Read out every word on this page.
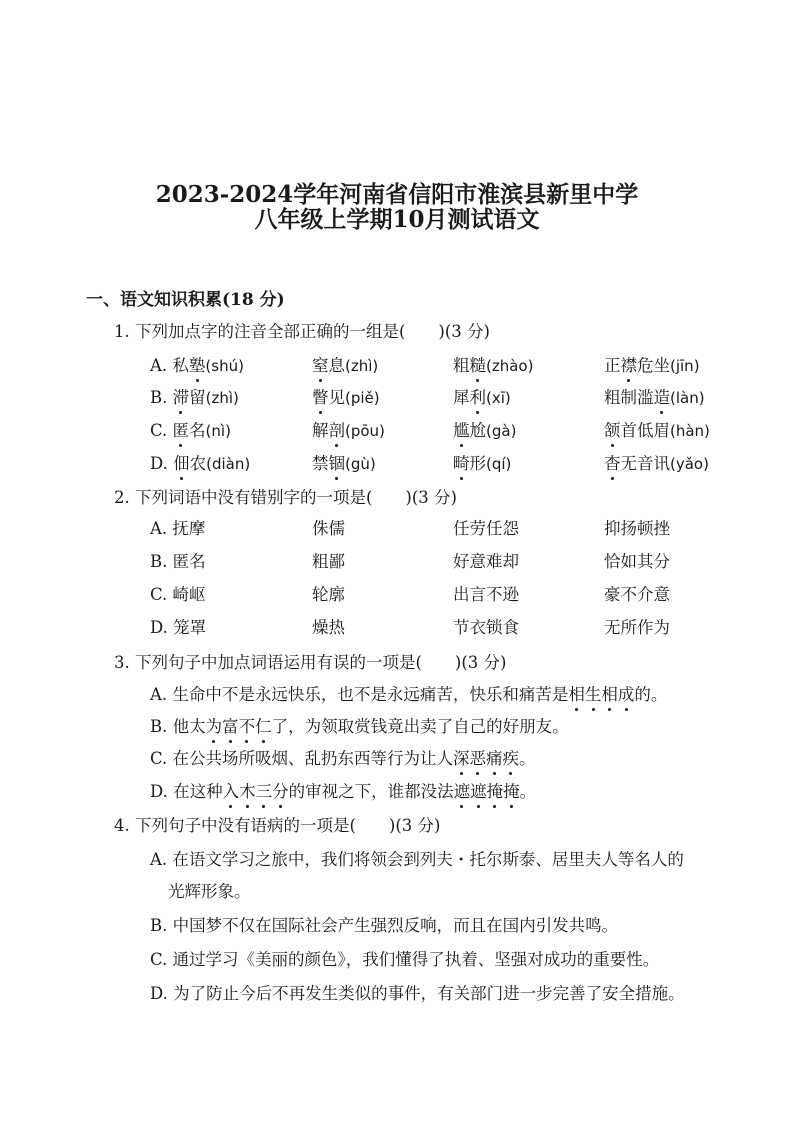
2023-2024学年河南省信阳市淮滨县新里中学
八年级上学期10月测试语文
一、语文知识积累(18 分)
1. 下列加点字的注音全部正确的一组是(　　)(3 分)
A. 私塾(shú)	窒息(zhì)	粗糙(zhào)	正襟危坐(jīn)
B. 滞留(zhì)	瞥见(piě)	犀利(xī)	粗制滥造(làn)
C. 匿名(nì)	解剖(pōu)	尴尬(gà)	颔首低眉(hàn)
D. 佃农(diàn)	禁锢(gù)	畸形(qí)	杳无音讯(yǎo)
2. 下列词语中没有错别字的一项是(　　)(3 分)
A. 抚摩	侏儒	任劳任怨	抑扬顿挫
B. 匿名	粗鄙	好意难却	恰如其分
C. 崎岖	轮廓	出言不逊	豪不介意
D. 笼罩	燥热	节衣锁食	无所作为
3. 下列句子中加点词语运用有误的一项是(　　)(3 分)
A. 生命中不是永远快乐，也不是永远痛苦，快乐和痛苦是相生相成的。
B. 他太为富不仁了，为领取赏钱竟出卖了自己的好朋友。
C. 在公共场所吸烟、乱扔东西等行为让人深恶痛疾。
D. 在这种入木三分的审视之下，谁都没法遮遮掩掩。
4. 下列句子中没有语病的一项是(　　)(3 分)
A. 在语文学习之旅中，我们将领会到列夫・托尔斯泰、居里夫人等名人的
光辉形象。
B. 中国梦不仅在国际社会产生强烈反响，而且在国内引发共鸣。
C. 通过学习《美丽的颜色》，我们懂得了执着、坚强对成功的重要性。
D. 为了防止今后不再发生类似的事件，有关部门进一步完善了安全措施。
